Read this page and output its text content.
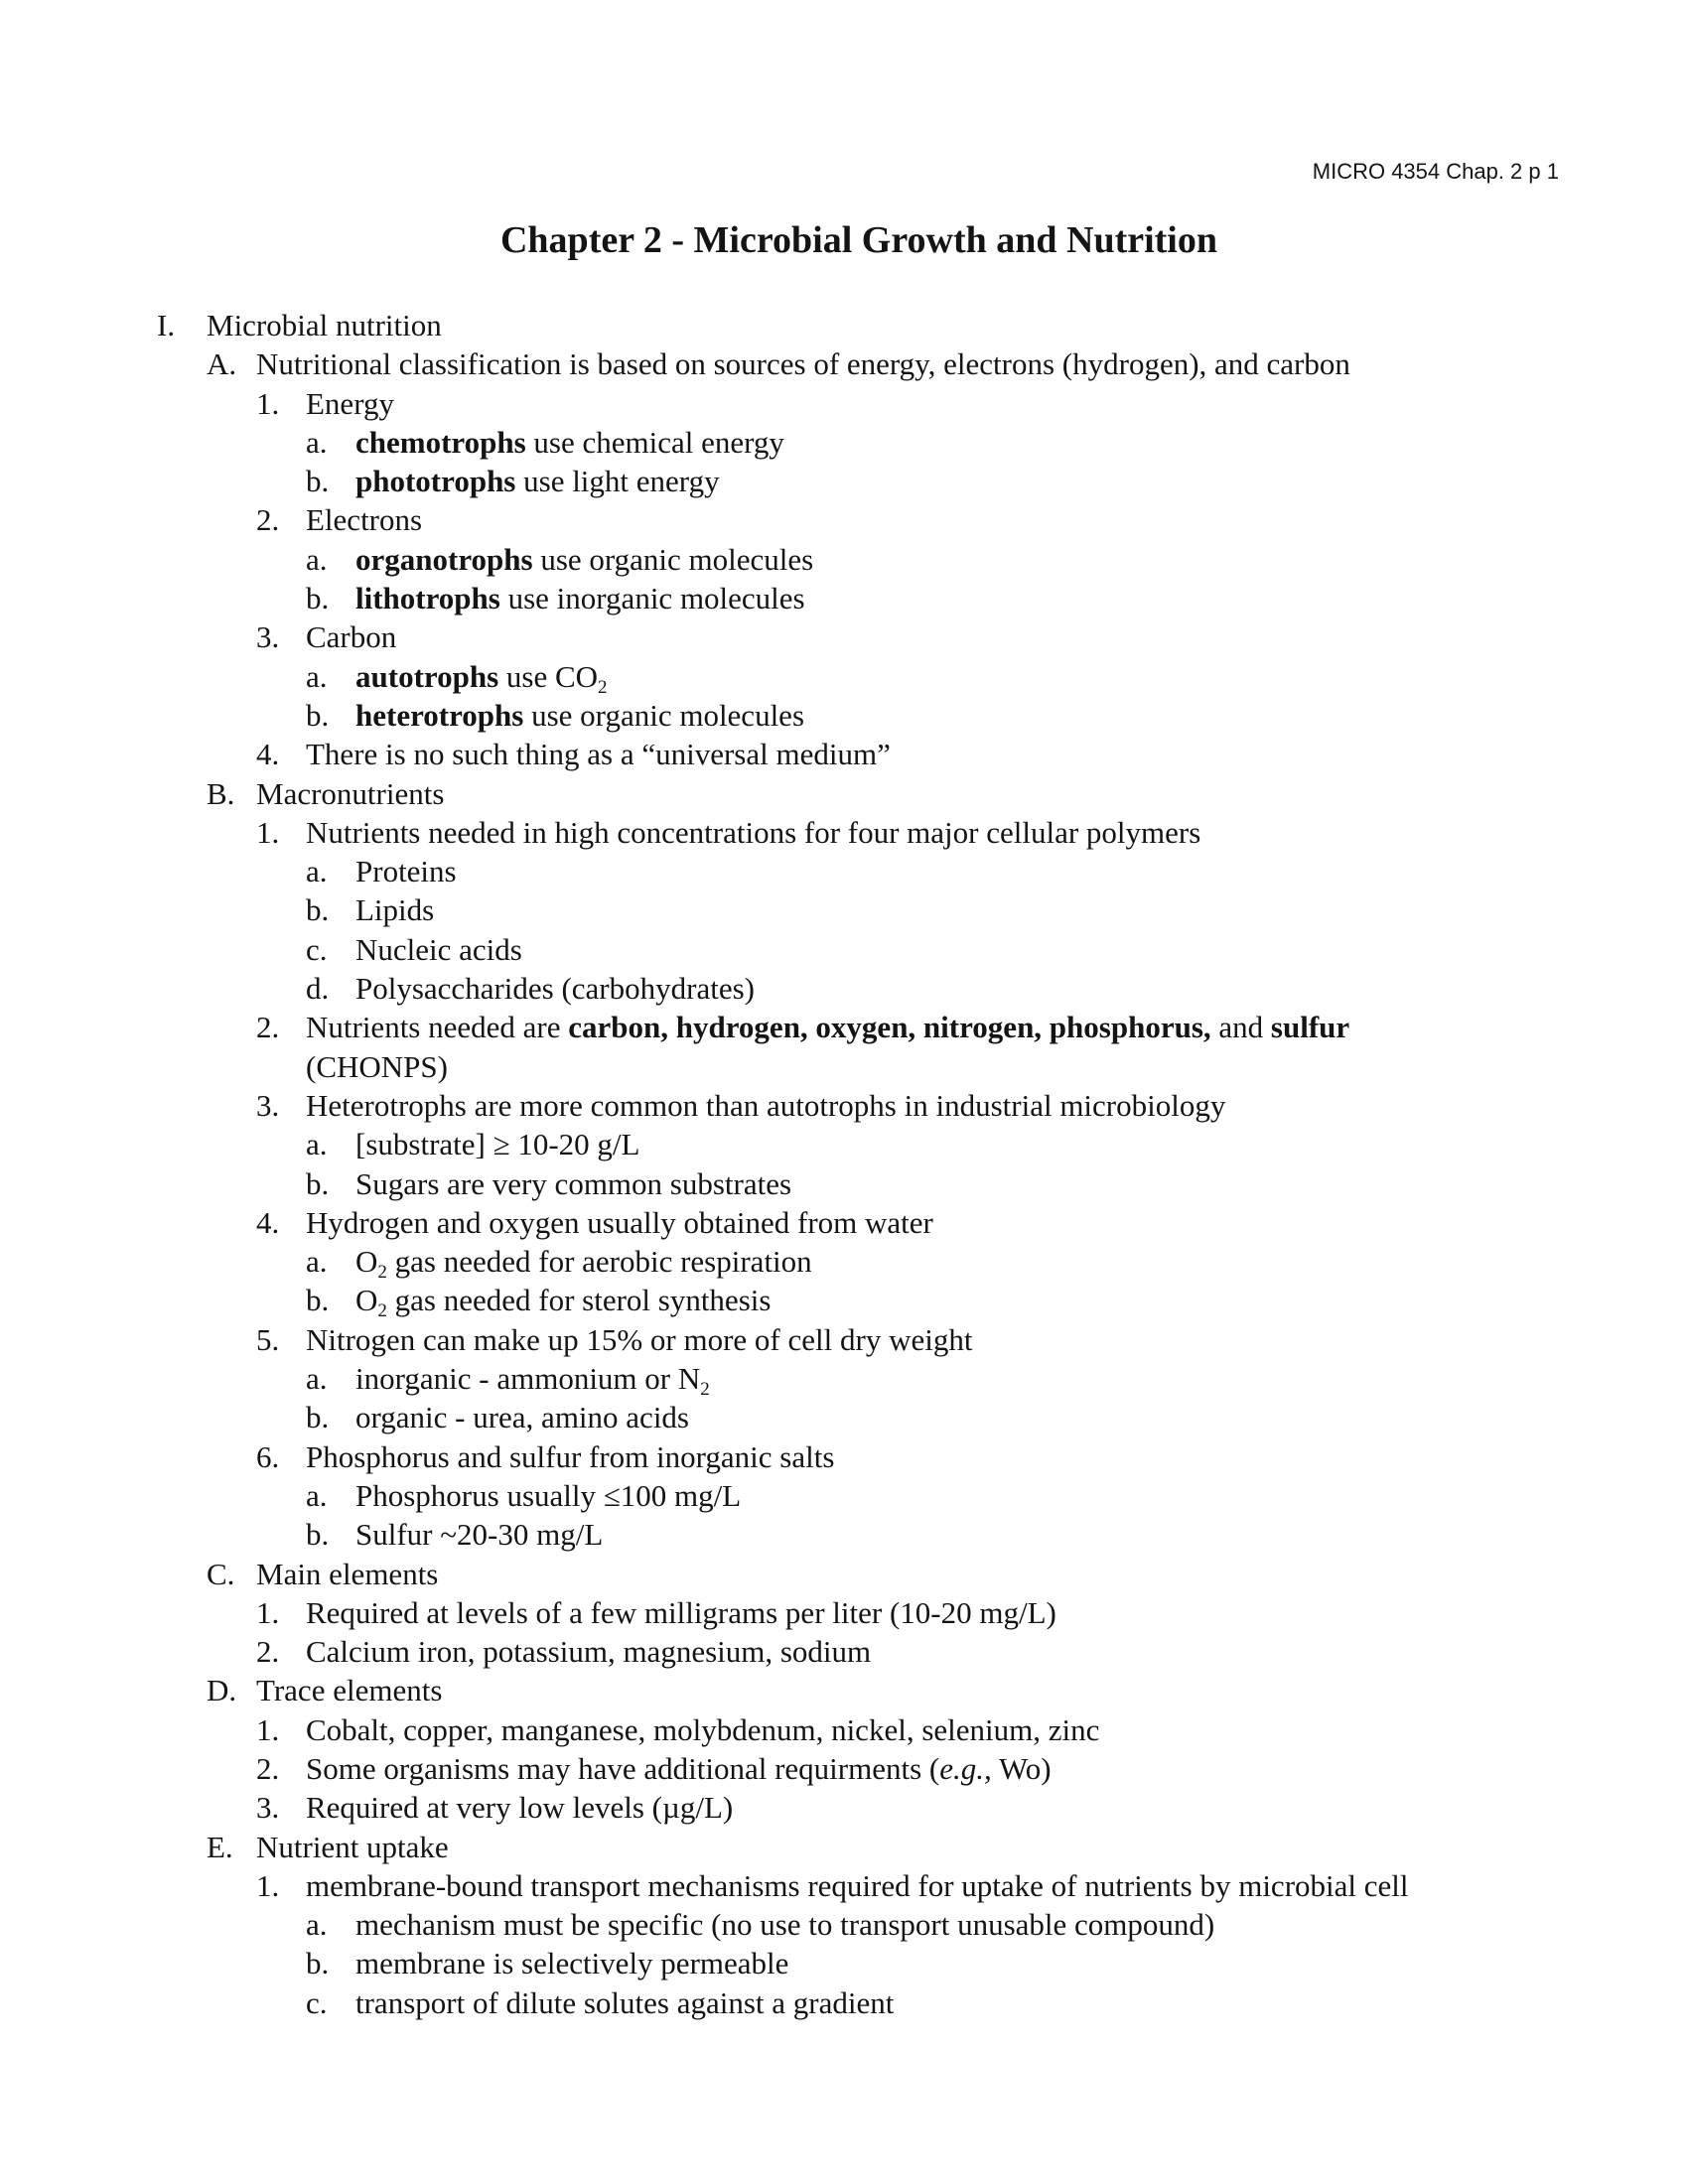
MICRO 4354 Chap. 2 p 1
Chapter 2 - Microbial Growth and Nutrition
I. Microbial nutrition
A. Nutritional classification is based on sources of energy, electrons (hydrogen), and carbon
1. Energy
a. chemotrophs use chemical energy
b. phototrophs use light energy
2. Electrons
a. organotrophs use organic molecules
b. lithotrophs use inorganic molecules
3. Carbon
a. autotrophs use $CO_2$
b. heterotrophs use organic molecules
4. There is no such thing as a “universal medium”
B. Macronutrients
1. Nutrients needed in high concentrations for four major cellular polymers
a. Proteins
b. Lipids
c. Nucleic acids
d. Polysaccharides (carbohydrates)
2. Nutrients needed are carbon, hydrogen, oxygen, nitrogen, phosphorus, and sulfur (CHONPS)
3. Heterotrophs are more common than autotrophs in industrial microbiology
a. [substrate] ≥ 10-20 g/L
b. Sugars are very common substrates
4. Hydrogen and oxygen usually obtained from water
a. $O_2$ gas needed for aerobic respiration
b. $O_2$ gas needed for sterol synthesis
5. Nitrogen can make up 15% or more of cell dry weight
a. inorganic - ammonium or $N_2$
b. organic - urea, amino acids
6. Phosphorus and sulfur from inorganic salts
a. Phosphorus usually ≤100 mg/L
b. Sulfur ~20-30 mg/L
C. Main elements
1. Required at levels of a few milligrams per liter (10-20 mg/L)
2. Calcium iron, potassium, magnesium, sodium
D. Trace elements
1. Cobalt, copper, manganese, molybdenum, nickel, selenium, zinc
2. Some organisms may have additional requirments (e.g., Wo)
3. Required at very low levels (µg/L)
E. Nutrient uptake
1. membrane-bound transport mechanisms required for uptake of nutrients by microbial cell
a. mechanism must be specific (no use to transport unusable compound)
b. membrane is selectively permeable
c. transport of dilute solutes against a gradient
